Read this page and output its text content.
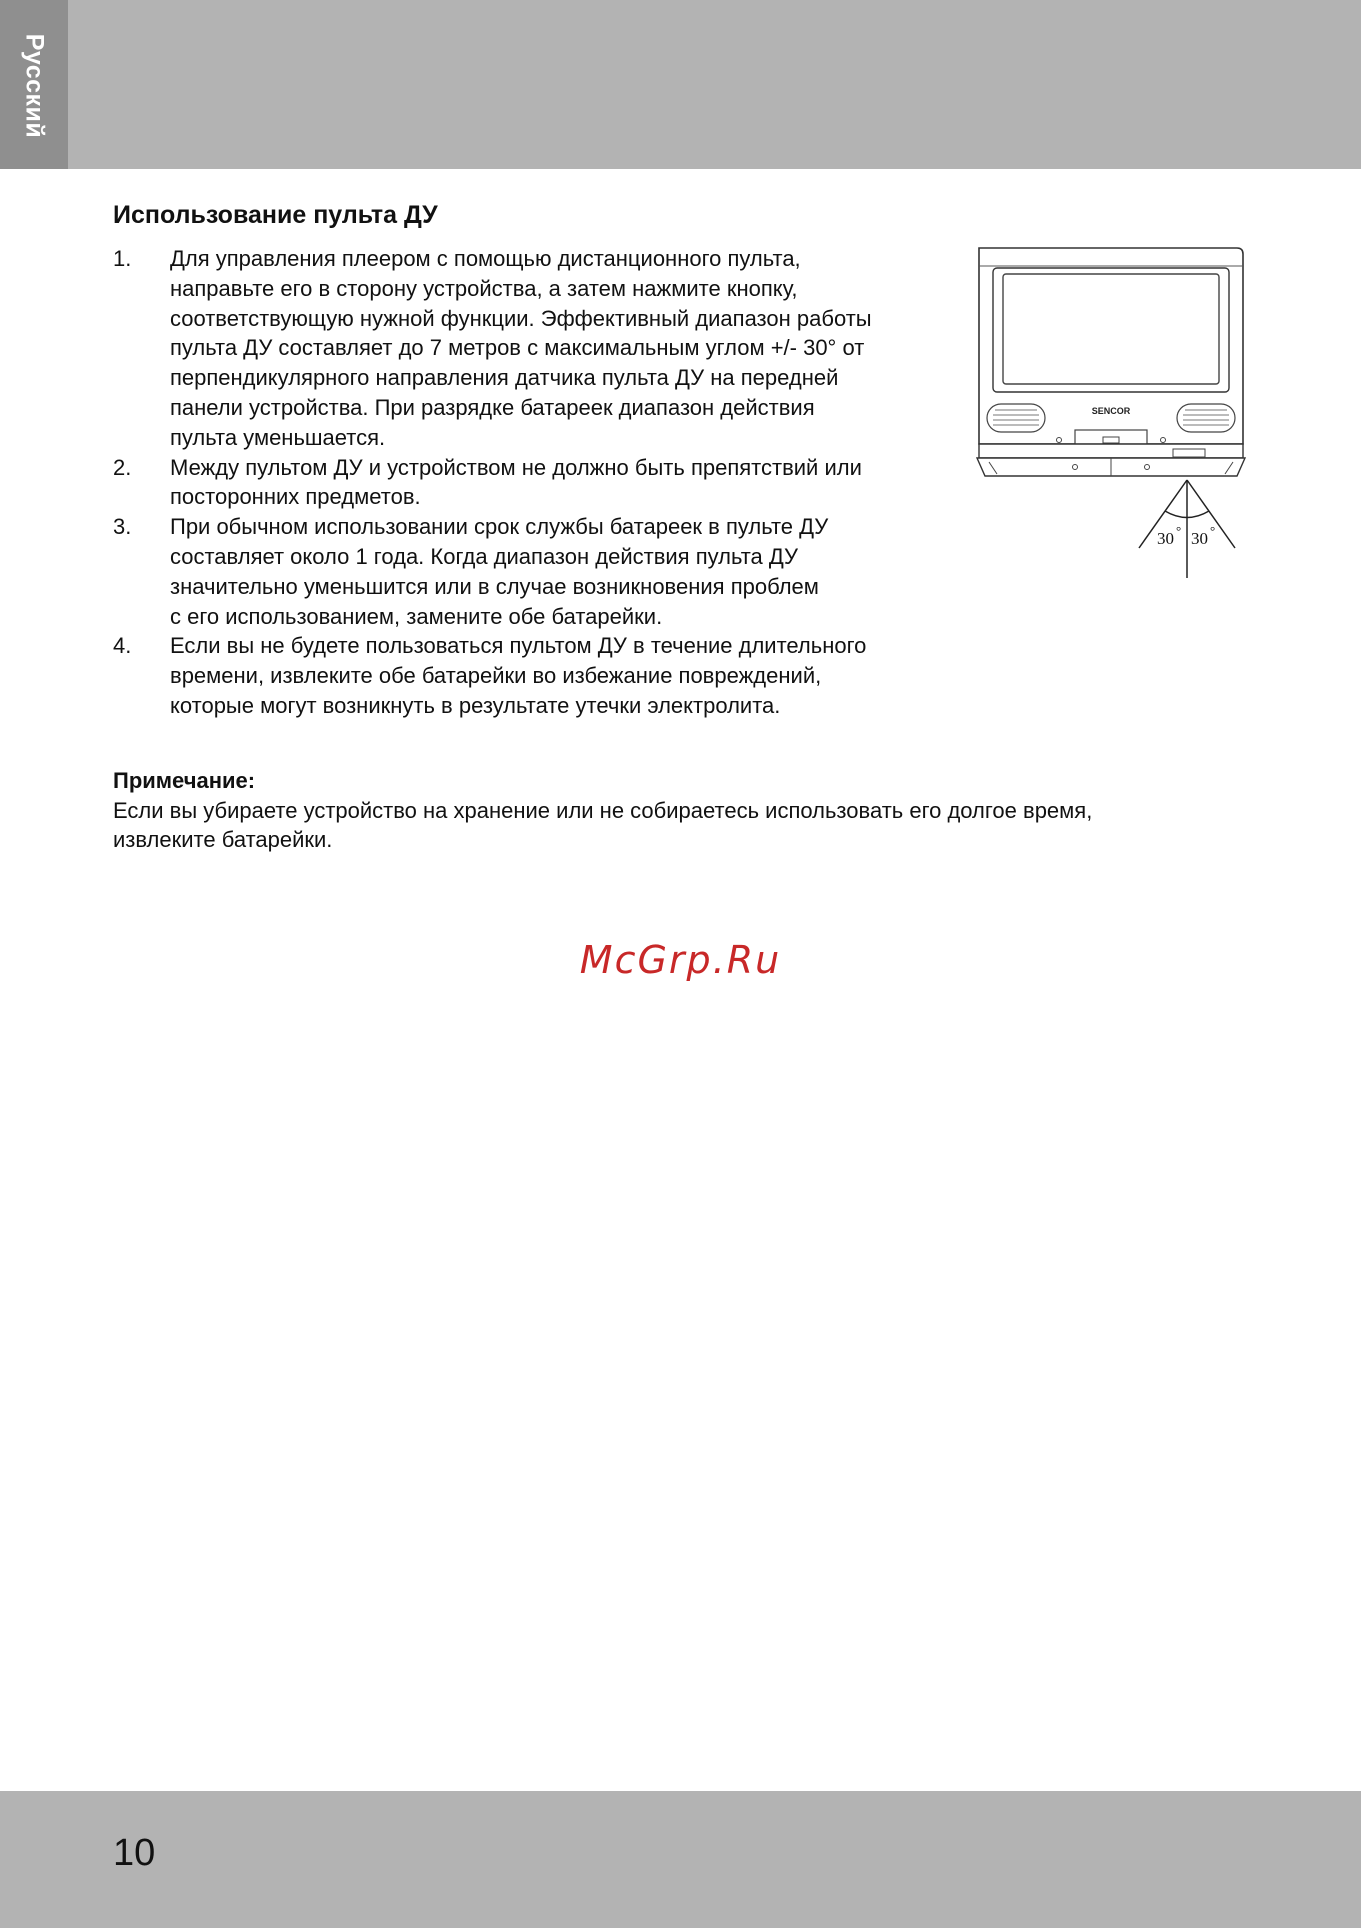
Русский
Использование пульта ДУ
1. Для управления плеером с помощью дистанционного пульта,
направьте его в сторону устройства, а затем нажмите кнопку,
соответствующую нужной функции. Эффективный диапазон работы
пульта ДУ составляет до 7 метров с максимальным углом +/- 30° от
перпендикулярного направления датчика пульта ДУ на передней
панели устройства. При разрядке батареек диапазон действия
пульта уменьшается.
2. Между пультом ДУ и устройством не должно быть препятствий или
посторонних предметов.
3. При обычном использовании срок службы батареек в пульте ДУ
составляет около 1 года. Когда диапазон действия пульта ДУ
значительно уменьшится или в случае возникновения проблем
с его использованием, замените обе батарейки.
4. Если вы не будете пользоваться пультом ДУ в течение длительного
времени, извлеките обе батарейки во избежание повреждений,
которые могут возникнуть в результате утечки электролита.
Примечание:
Если вы убираете устройство на хранение или не собираетесь использовать его долгое время,
извлеките батарейки.
SENCOR
30 ° 30 °
McGrp.Ru
10
